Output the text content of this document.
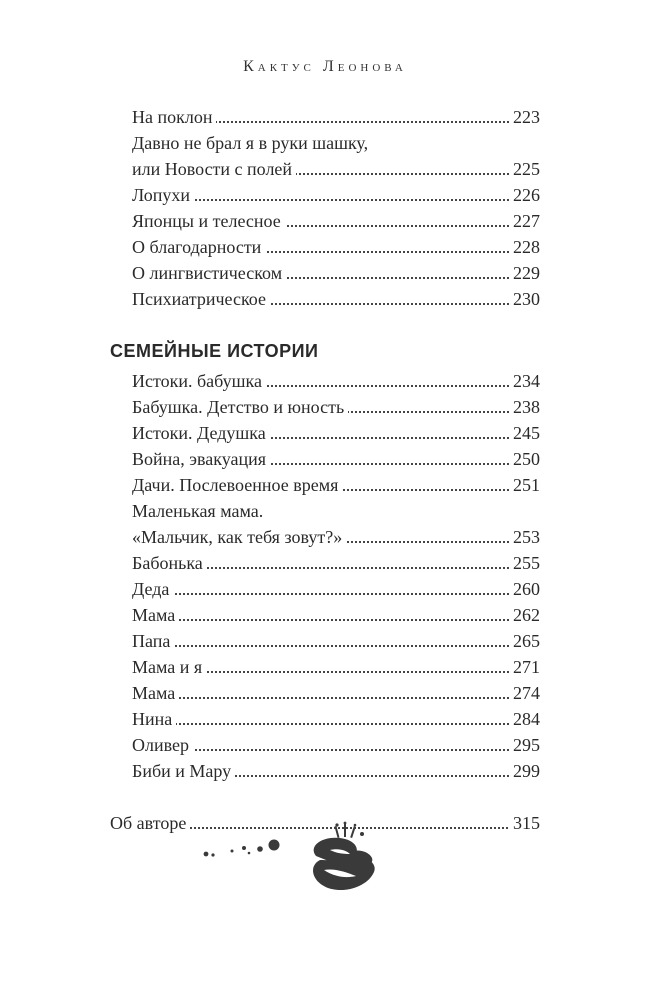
Кактус Леонова
На поклон	223
Давно не брал я в руки шашку,
или Новости с полей	225
Лопухи	226
Японцы и телесное	227
О благодарности	228
О лингвистическом	229
Психиатрическое	230
СЕМЕЙНЫЕ ИСТОРИИ
Истоки. бабушка	234
Бабушка. Детство и юность	238
Истоки. Дедушка	245
Война, эвакуация	250
Дачи. Послевоенное время	251
Маленькая мама.
«Мальчик, как тебя зовут?»	253
Бабонька	255
Деда	260
Мама	262
Папа	265
Мама и я	271
Мама	274
Нина	284
Оливер	295
Биби и Мару	299
Об авторе	315
